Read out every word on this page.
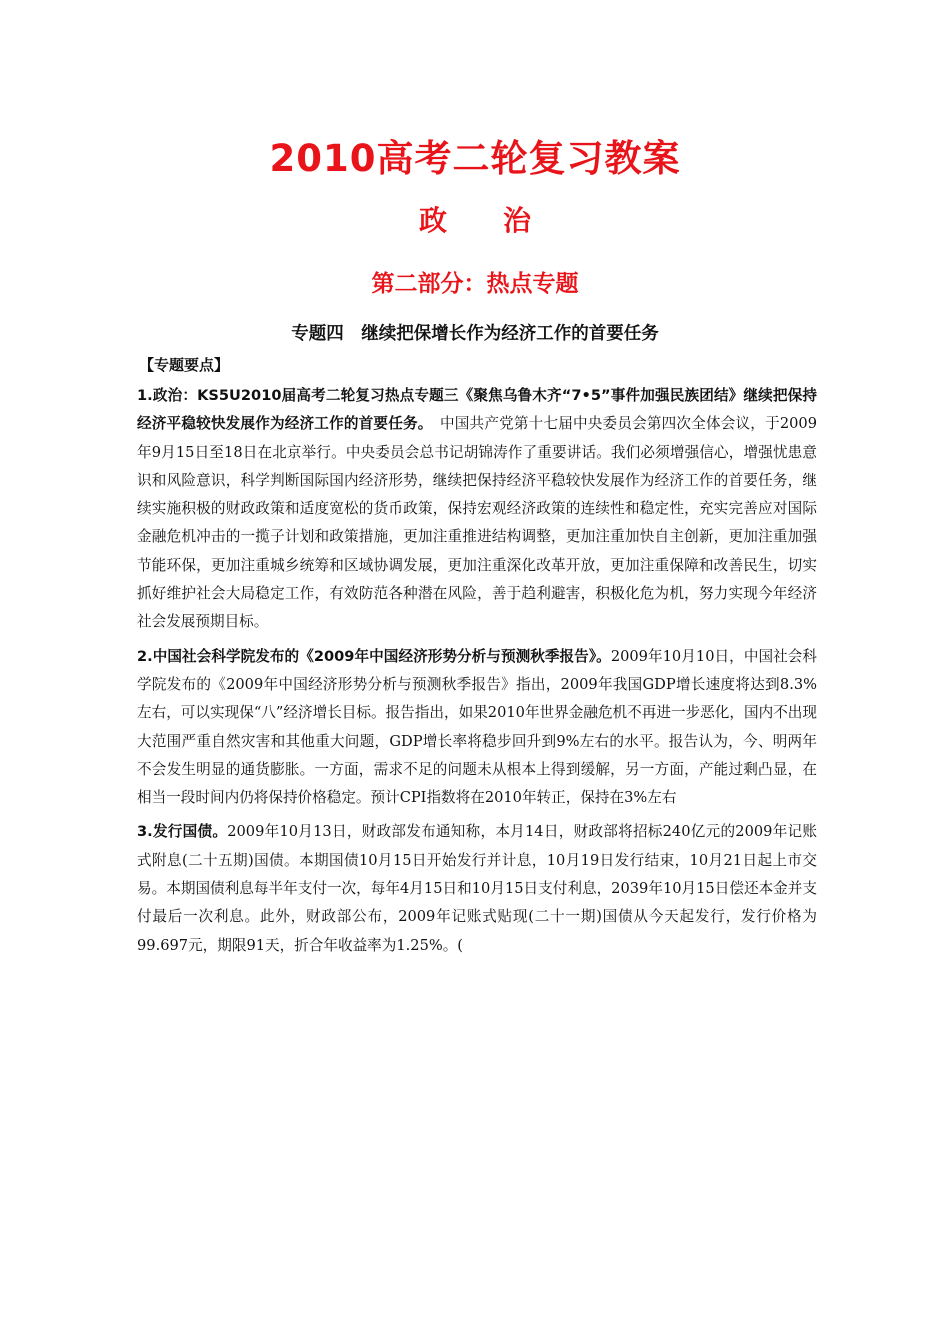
2010高考二轮复习教案
政 治
第二部分：热点专题
专题四　继续把保增长作为经济工作的首要任务
【专题要点】

1.政治：KS5U2010届高考二轮复习热点专题三《聚焦乌鲁木齐“7•5”事件加强民族团结》继续把保持经济平稳较快发展作为经济工作的首要任务。　中国共产党第十七届中央委员会第四次全体会议，于2009年9月15日至18日在北京举行。中央委员会总书记胡锦涛作了重要讲话。我们必须增强信心，增强忧患意识和风险意识，科学判断国际国内经济形势，继续把保持经济平稳较快发展作为经济工作的首要任务，继续实施积极的财政政策和适度宽松的货币政策，保持宏观经济政策的连续性和稳定性，充实完善应对国际金融危机冲击的一揽子计划和政策措施，更加注重推进结构调整，更加注重加快自主创新，更加注重加强节能环保，更加注重城乡统筹和区域协调发展，更加注重深化改革开放，更加注重保障和改善民生，切实抓好维护社会大局稳定工作，有效防范各种潜在风险，善于趋利避害，积极化危为机，努力实现今年经济社会发展预期目标。

2.中国社会科学院发布的《2009年中国经济形势分析与预测秋季报告》。2009年10月10日，中国社会科学院发布的《2009年中国经济形势分析与预测秋季报告》指出，2009年我国GDP增长速度将达到8.3%左右，可以实现保“八”经济增长目标。报告指出，如果2010年世界金融危机不再进一步恶化，国内不出现大范围严重自然灾害和其他重大问题，GDP增长率将稳步回升到9%左右的水平。报告认为，今、明两年不会发生明显的通货膨胀。一方面，需求不足的问题未从根本上得到缓解，另一方面，产能过剩凸显，在相当一段时间内仍将保持价格稳定。预计CPI指数将在2010年转正，保持在3%左右

3.发行国债。2009年10月13日，财政部发布通知称，本月14日，财政部将招标240亿元的2009年记账式附息(二十五期)国债。本期国债10月15日开始发行并计息，10月19日发行结束，10月21日起上市交易。本期国债利息每半年支付一次，每年4月15日和10月15日支付利息，2039年10月15日偿还本金并支付最后一次利息。此外，财政部公布，2009年记账式贴现(二十一期)国债从今天起发行，发行价格为99.697元，期限91天，折合年收益率为1.25%。(
